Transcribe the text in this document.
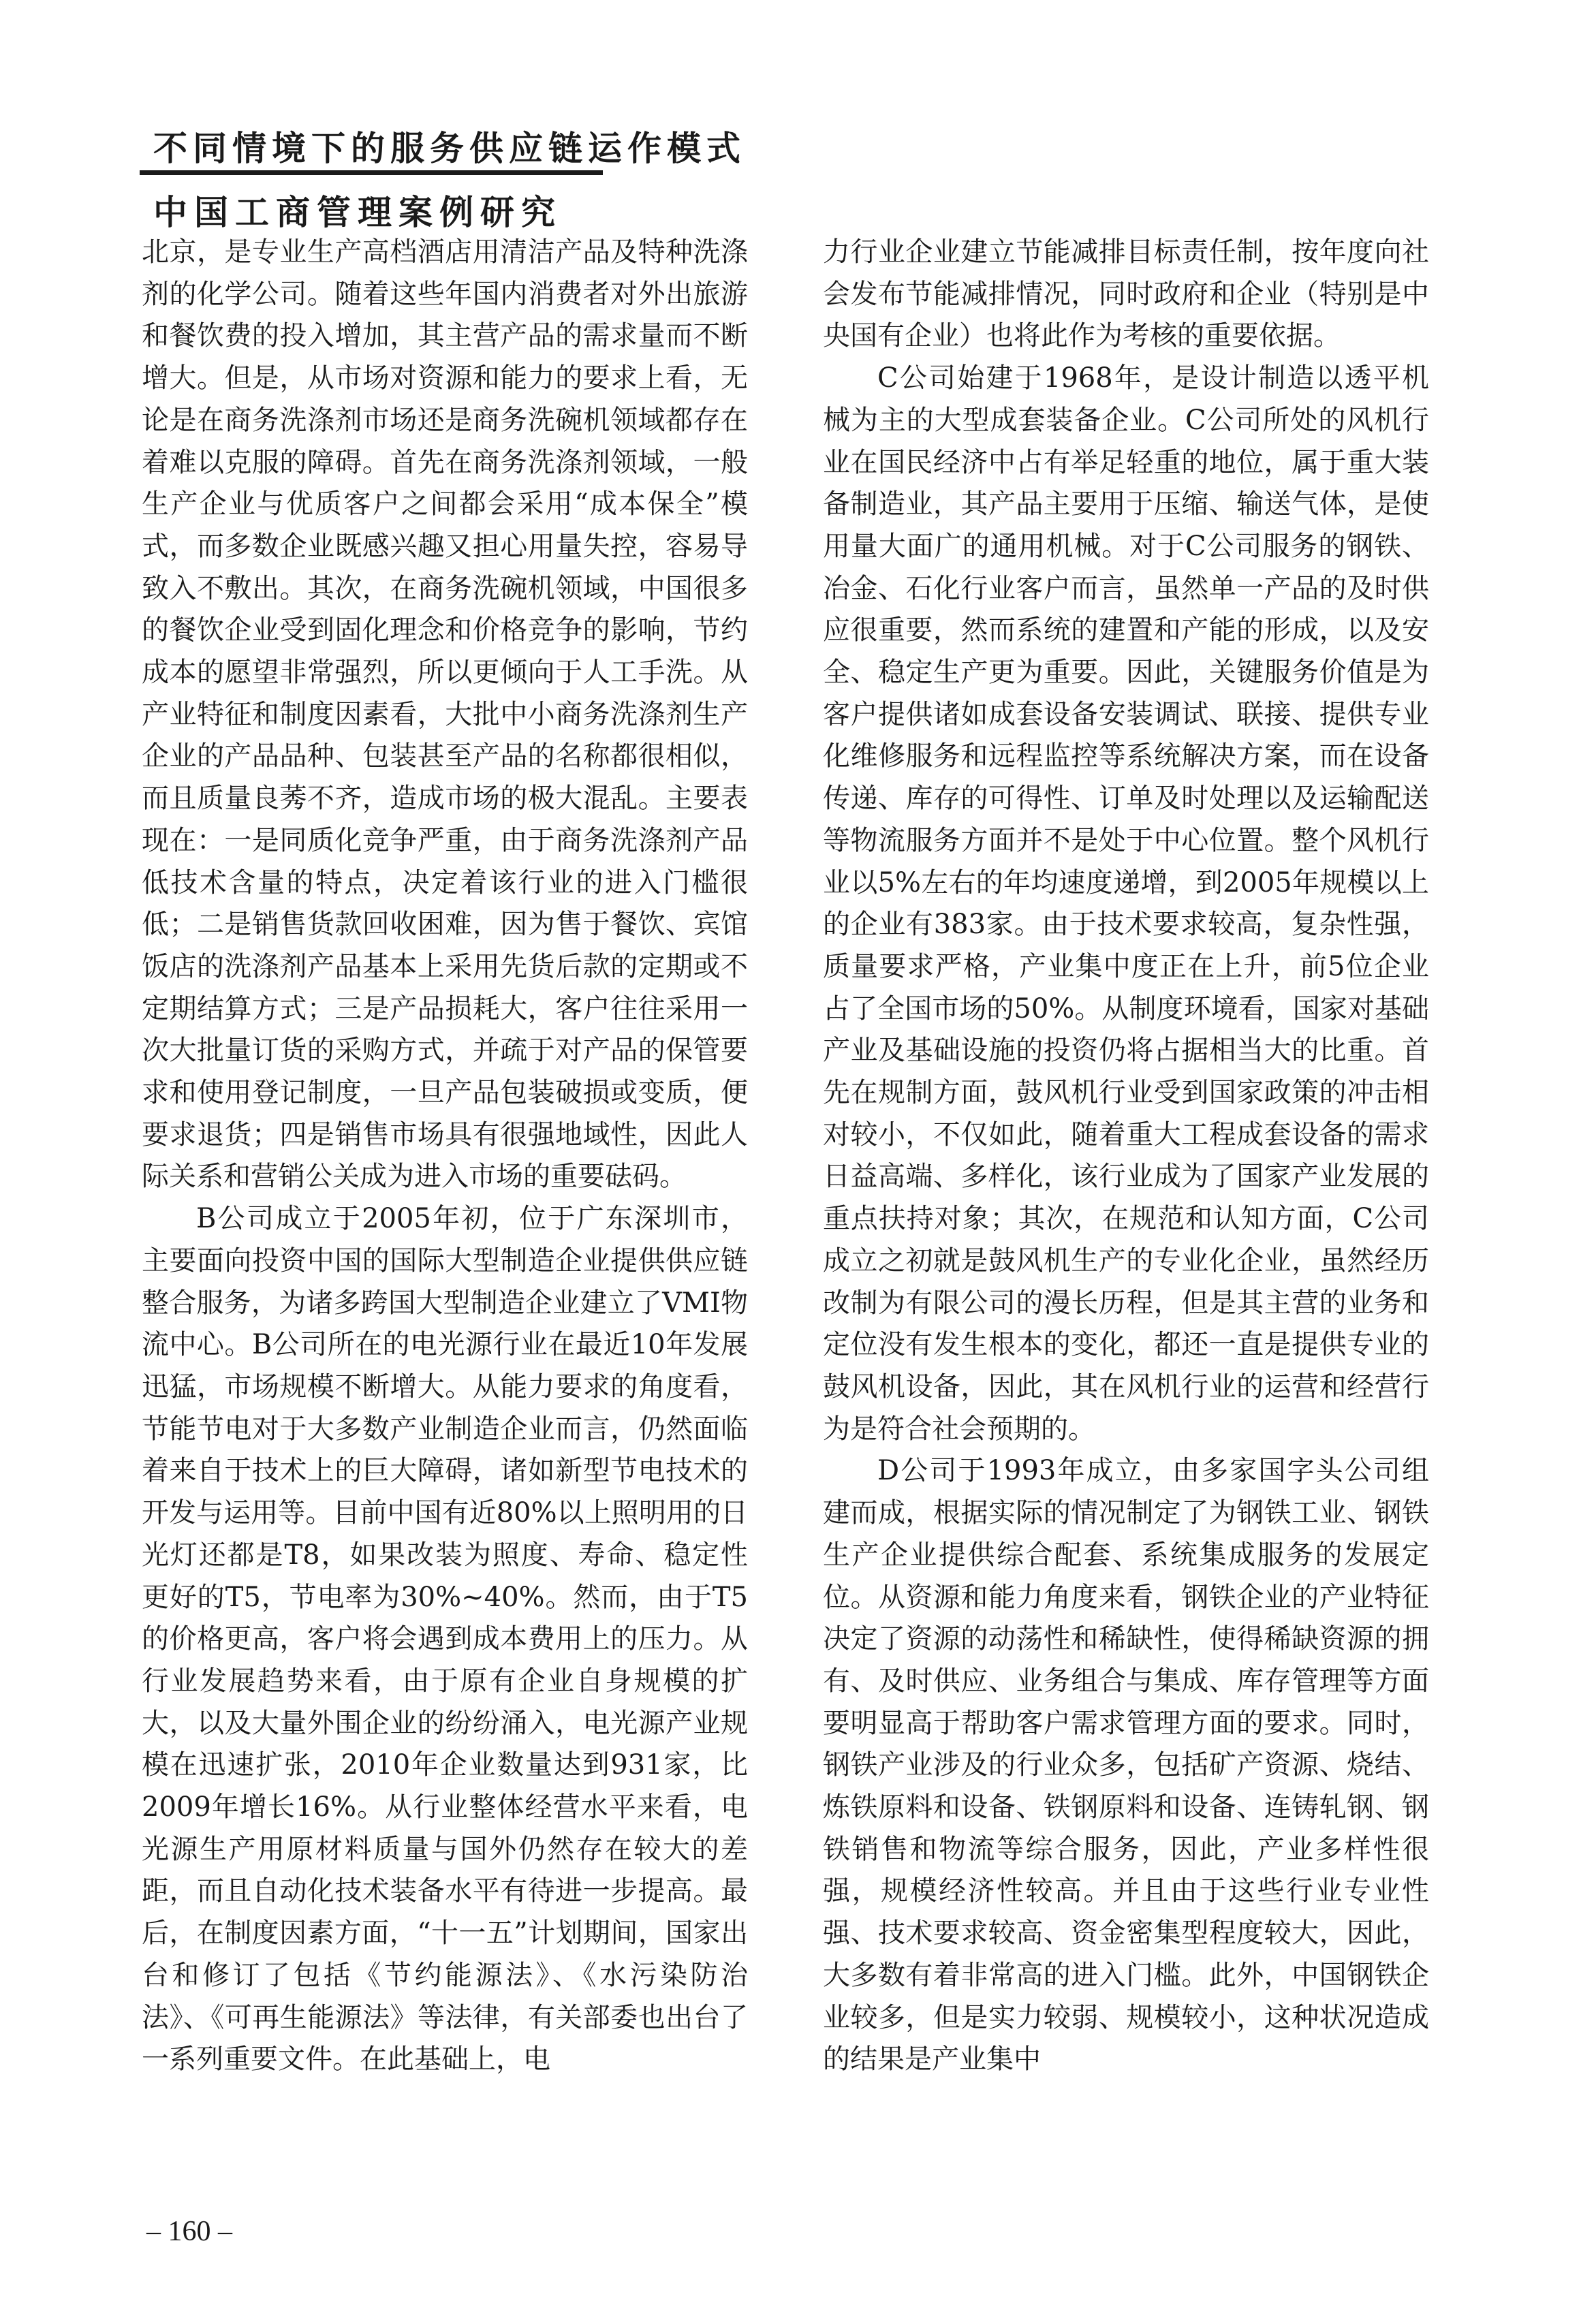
不同情境下的服务供应链运作模式
中国工商管理案例研究

北京，是专业生产高档酒店用清洁产品及特种洗涤剂的化学公司。随着这些年国内消费者对外出旅游和餐饮费的投入增加，其主营产品的需求量而不断增大。但是，从市场对资源和能力的要求上看，无论是在商务洗涤剂市场还是商务洗碗机领域都存在着难以克服的障碍。首先在商务洗涤剂领域，一般生产企业与优质客户之间都会采用“成本保全”模式，而多数企业既感兴趣又担心用量失控，容易导致入不敷出。其次，在商务洗碗机领域，中国很多的餐饮企业受到固化理念和价格竞争的影响，节约成本的愿望非常强烈，所以更倾向于人工手洗。从产业特征和制度因素看，大批中小商务洗涤剂生产企业的产品品种、包装甚至产品的名称都很相似，而且质量良莠不齐，造成市场的极大混乱。主要表现在：一是同质化竞争严重，由于商务洗涤剂产品低技术含量的特点，决定着该行业的进入门槛很低；二是销售货款回收困难，因为售于餐饮、宾馆饭店的洗涤剂产品基本上采用先货后款的定期或不定期结算方式；三是产品损耗大，客户往往采用一次大批量订货的采购方式，并疏于对产品的保管要求和使用登记制度，一旦产品包装破损或变质，便要求退货；四是销售市场具有很强地域性，因此人际关系和营销公关成为进入市场的重要砝码。

B公司成立于2005年初，位于广东深圳市，主要面向投资中国的国际大型制造企业提供供应链整合服务，为诸多跨国大型制造企业建立了VMI物流中心。B公司所在的电光源行业在最近10年发展迅猛，市场规模不断增大。从能力要求的角度看，节能节电对于大多数产业制造企业而言，仍然面临着来自于技术上的巨大障碍，诸如新型节电技术的开发与运用等。目前中国有近80%以上照明用的日光灯还都是T8，如果改装为照度、寿命、稳定性更好的T5，节电率为30%~40%。然而，由于T5的价格更高，客户将会遇到成本费用上的压力。从行业发展趋势来看，由于原有企业自身规模的扩大，以及大量外围企业的纷纷涌入，电光源产业规模在迅速扩张，2010年企业数量达到931家，比2009年增长16%。从行业整体经营水平来看，电光源生产用原材料质量与国外仍然存在较大的差距，而且自动化技术装备水平有待进一步提高。最后，在制度因素方面，“十一五”计划期间，国家出台和修订了包括《节约能源法》、《水污染防治法》、《可再生能源法》等法律，有关部委也出台了一系列重要文件。在此基础上，电

力行业企业建立节能减排目标责任制，按年度向社会发布节能减排情况，同时政府和企业（特别是中央国有企业）也将此作为考核的重要依据。

C公司始建于1968年，是设计制造以透平机械为主的大型成套装备企业。C公司所处的风机行业在国民经济中占有举足轻重的地位，属于重大装备制造业，其产品主要用于压缩、输送气体，是使用量大面广的通用机械。对于C公司服务的钢铁、冶金、石化行业客户而言，虽然单一产品的及时供应很重要，然而系统的建置和产能的形成，以及安全、稳定生产更为重要。因此，关键服务价值是为客户提供诸如成套设备安装调试、联接、提供专业化维修服务和远程监控等系统解决方案，而在设备传递、库存的可得性、订单及时处理以及运输配送等物流服务方面并不是处于中心位置。整个风机行业以5%左右的年均速度递增，到2005年规模以上的企业有383家。由于技术要求较高，复杂性强，质量要求严格，产业集中度正在上升，前5位企业占了全国市场的50%。从制度环境看，国家对基础产业及基础设施的投资仍将占据相当大的比重。首先在规制方面，鼓风机行业受到国家政策的冲击相对较小，不仅如此，随着重大工程成套设备的需求日益高端、多样化，该行业成为了国家产业发展的重点扶持对象；其次，在规范和认知方面，C公司成立之初就是鼓风机生产的专业化企业，虽然经历改制为有限公司的漫长历程，但是其主营的业务和定位没有发生根本的变化，都还一直是提供专业的鼓风机设备，因此，其在风机行业的运营和经营行为是符合社会预期的。

D公司于1993年成立，由多家国字头公司组建而成，根据实际的情况制定了为钢铁工业、钢铁生产企业提供综合配套、系统集成服务的发展定位。从资源和能力角度来看，钢铁企业的产业特征决定了资源的动荡性和稀缺性，使得稀缺资源的拥有、及时供应、业务组合与集成、库存管理等方面要明显高于帮助客户需求管理方面的要求。同时，钢铁产业涉及的行业众多，包括矿产资源、烧结、炼铁原料和设备、铁钢原料和设备、连铸轧钢、钢铁销售和物流等综合服务，因此，产业多样性很强，规模经济性较高。并且由于这些行业专业性强、技术要求较高、资金密集型程度较大，因此，大多数有着非常高的进入门槛。此外，中国钢铁企业较多，但是实力较弱、规模较小，这种状况造成的结果是产业集中

– 160 –
